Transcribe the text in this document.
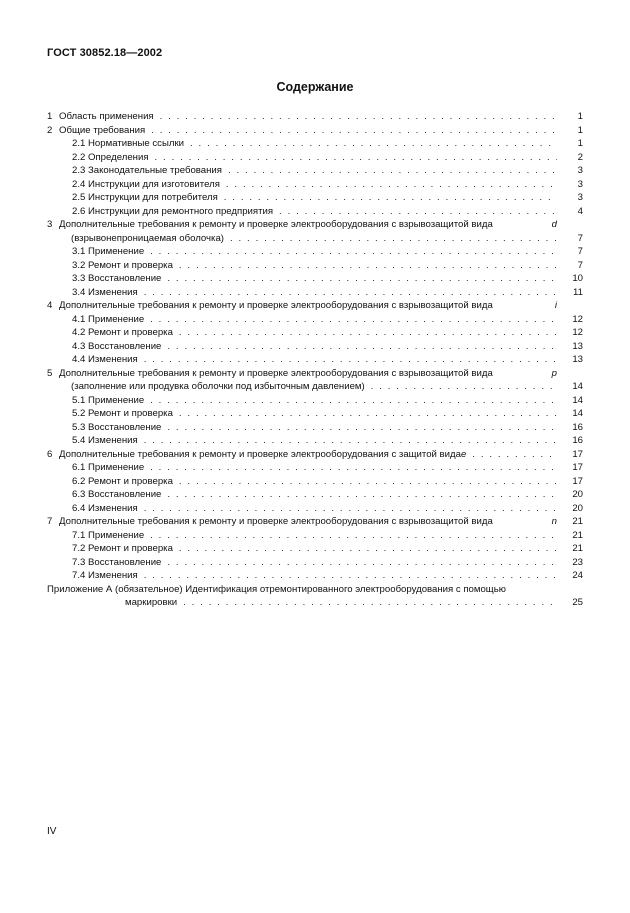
ГОСТ 30852.18—2002
Содержание
1 Область применения . . .	1
2 Общие требования . . .	1
2.1 Нормативные ссылки . . .	1
2.2 Определения . . .	2
2.3 Законодательные требования . . .	3
2.4 Инструкции для изготовителя . . .	3
2.5 Инструкции для потребителя . . .	3
2.6 Инструкции для ремонтного предприятия . . .	4
3 Дополнительные требования к ремонту и проверке электрооборудования с взрывозащитой вида	d
(взрывонепроницаемая оболочка) . . .	7
3.1 Применение . . .	7
3.2 Ремонт и проверка . . .	7
3.3 Восстановление . . .	10
3.4 Изменения . . .	11
4 Дополнительные требования к ремонту и проверке электрооборудования с взрывозащитой вида	i
4.1 Применение . . .	12
4.2 Ремонт и проверка . . .	12
4.3 Восстановление . . .	13
4.4 Изменения . . .	13
5 Дополнительные требования к ремонту и проверке электрооборудования с взрывозащитой вида	p
(заполнение или продувка оболочки под избыточным давлением) . . .	14
5.1 Применение . . .	14
5.2 Ремонт и проверка . . .	14
5.3 Восстановление . . .	16
5.4 Изменения . . .	16
6 Дополнительные требования к ремонту и проверке электрооборудования с защитой вида e . . .	17
6.1 Применение . . .	17
6.2 Ремонт и проверка . . .	17
6.3 Восстановление . . .	20
6.4 Изменения . . .	20
7 Дополнительные требования к ремонту и проверке электрооборудования с взрывозащитой вида	n	21
7.1 Применение . . .	21
7.2 Ремонт и проверка . . .	21
7.3 Восстановление . . .	23
7.4 Изменения . . .	24
Приложение А (обязательное) Идентификация отремонтированного электрооборудования с помощью
маркировки . . .	25
IV
